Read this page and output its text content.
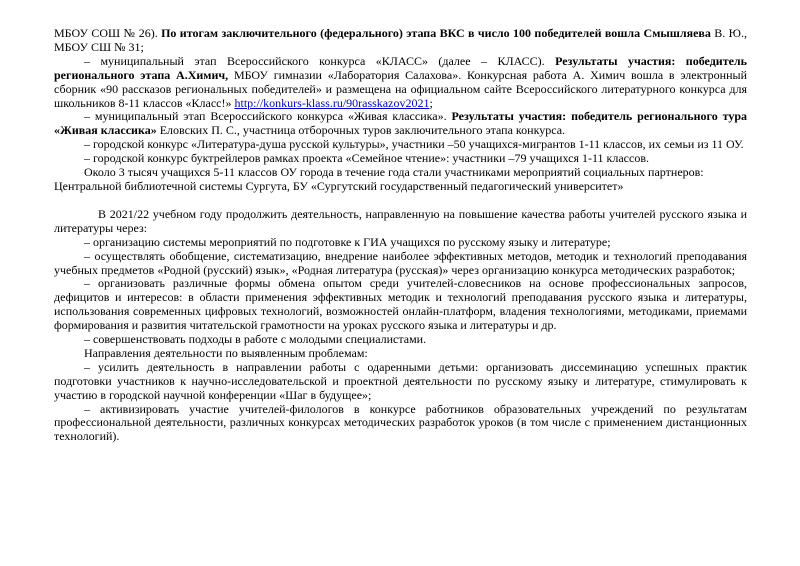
МБОУ СОШ № 26). По итогам заключительного (федерального) этапа ВКС в число 100 победителей вошла Смышляева В. Ю., МБОУ СШ № 31;

– муниципальный этап Всероссийского конкурса «КЛАСС» (далее – КЛАСС). Результаты участия: победитель регионального этапа А.Химич, МБОУ гимназии «Лаборатория Салахова». Конкурсная работа А. Химич вошла в электронный сборник «90 рассказов региональных победителей» и размещена на официальном сайте Всероссийского литературного конкурса для школьников 8-11 классов «Класс!» http://konkurs-klass.ru/90rasskazov2021;

– муниципальный этап Всероссийского конкурса «Живая классика». Результаты участия: победитель регионального тура «Живая классика» Еловских П. С., участница отборочных туров заключительного этапа конкурса.

– городской конкурс «Литература-душа русской культуры», участники –50 учащихся-мигрантов 1-11 классов, их семьи из 11 ОУ.

– городской конкурс буктрейлеров рамках проекта «Семейное чтение»: участники –79 учащихся 1-11 классов.

Около 3 тысяч учащихся 5-11 классов ОУ города в течение года стали участниками мероприятий социальных партнеров:

Центральной библиотечной системы Сургута, БУ «Сургутский государственный педагогический университет»

В 2021/22 учебном году продолжить деятельность, направленную на повышение качества работы учителей русского языка и литературы через:

– организацию системы мероприятий по подготовке к ГИА учащихся по русскому языку и литературе;

– осуществлять обобщение, систематизацию, внедрение наиболее эффективных методов, методик и технологий преподавания учебных предметов «Родной (русский) язык», «Родная литература (русская)» через организацию конкурса методических разработок;

– организовать различные формы обмена опытом среди учителей-словесников на основе профессиональных запросов, дефицитов и интересов: в области применения эффективных методик и технологий преподавания русского языка и литературы, использования современных цифровых технологий, возможностей онлайн-платформ, владения технологиями, методиками, приемами формирования и развития читательской грамотности на уроках русского языка и литературы и др.

– совершенствовать подходы в работе с молодыми специалистами.

Направления деятельности по выявленным проблемам:

– усилить деятельность в направлении работы с одаренными детьми: организовать диссеминацию успешных практик подготовки участников к научно-исследовательской и проектной деятельности по русскому языку и литературе, стимулировать к участию в городской научной конференции «Шаг в будущее»;

– активизировать участие учителей-филологов в конкурсе работников образовательных учреждений по результатам профессиональной деятельности, различных конкурсах методических разработок уроков (в том числе с применением дистанционных технологий).
